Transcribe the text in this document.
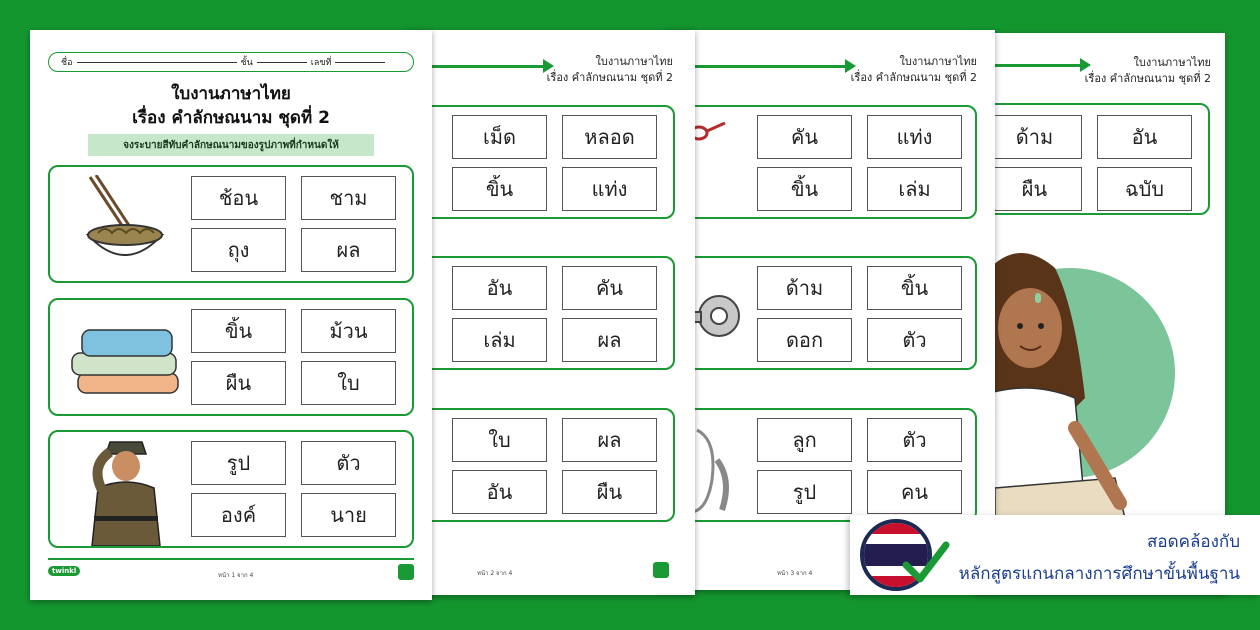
ใบงานภาษาไทย
เรื่อง คำลักษณนาม ชุดที่ 2
ด้าม	อัน
ผืน	ฉบับ
ใบงานภาษาไทย
เรื่อง คำลักษณนาม ชุดที่ 2
คัน	แท่ง
ขิ้น	เล่ม
ด้าม	ขิ้น
ดอก	ตัว
ลูก	ตัว
รูป	คน
หน้า 3 จาก 4
ใบงานภาษาไทย
เรื่อง คำลักษณนาม ชุดที่ 2
เม็ด	หลอด
ขิ้น	แท่ง
อัน	คัน
เล่ม	ผล
ใบ	ผล
อัน	ผืน
หน้า 2 จาก 4
ชื่อ	ชั้น	เลขที่
ใบงานภาษาไทย
เรื่อง คำลักษณนาม ชุดที่ 2
จงระบายสีทับคำลักษณนามของรูปภาพที่กำหนดให้
ช้อน	ชาม
ถุง	ผล
ขิ้น	ม้วน
ผืน	ใบ
รูป	ตัว
องค์	นาย
twinkl
หน้า 1 จาก 4
สอดคล้องกับ
หลักสูตรแกนกลางการศึกษาขั้นพื้นฐาน
